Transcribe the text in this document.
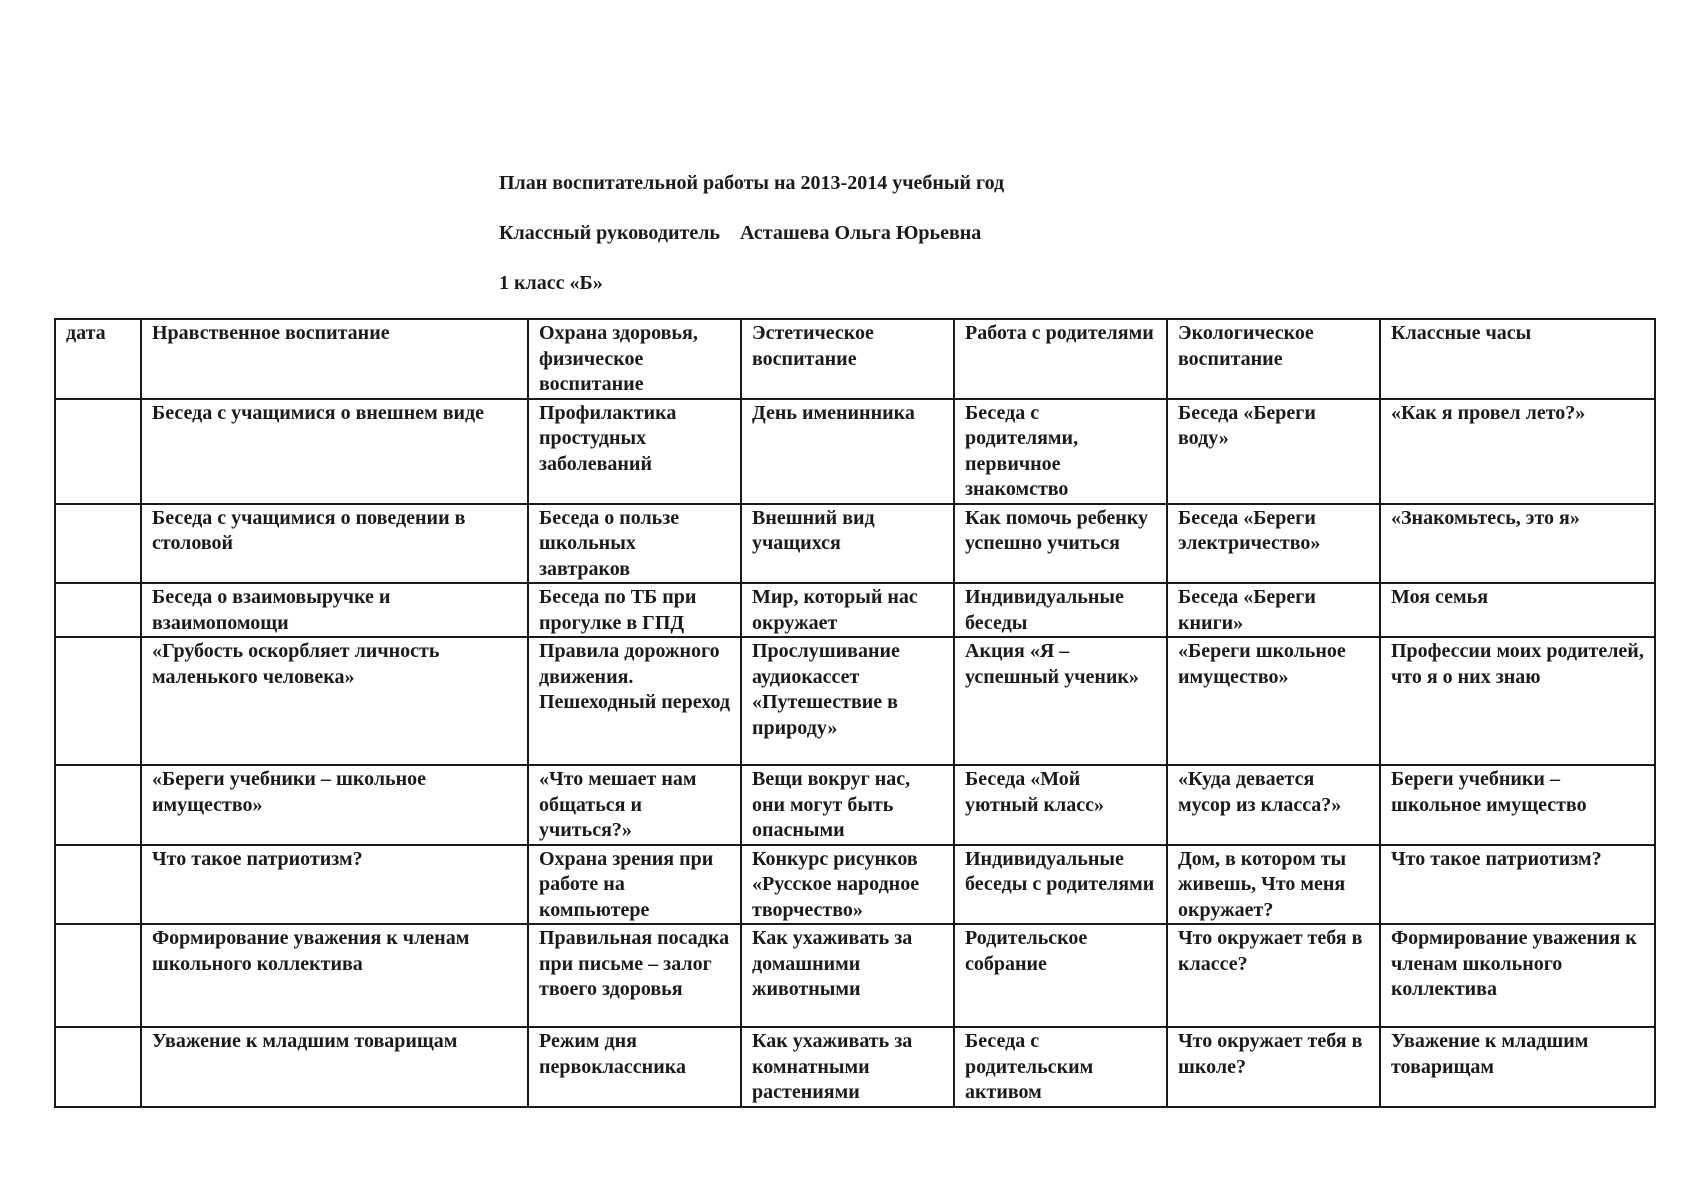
План воспитательной работы на 2013-2014 учебный год
Классный руководитель    Асташева Ольга Юрьевна
1 класс «Б»
дата	Нравственное воспитание	Охрана здоровья, физическое воспитание	Эстетическое воспитание	Работа с родителями	Экологическое воспитание	Классные часы
	Беседа с учащимися о внешнем виде	Профилактика простудных заболеваний	День именинника	Беседа с родителями, первичное знакомство	Беседа «Береги воду»	«Как я провел лето?»
	Беседа с учащимися о поведении в столовой	Беседа о пользе школьных завтраков	Внешний вид учащихся	Как помочь ребенку успешно учиться	Беседа «Береги электричество»	«Знакомьтесь, это я»
	Беседа о взаимовыручке и взаимопомощи	Беседа по ТБ при прогулке в ГПД	Мир, который нас окружает	Индивидуальные беседы	Беседа «Береги книги»	Моя семья
	«Грубость оскорбляет личность маленького человека»	Правила дорожного движения. Пешеходный переход	Прослушивание аудиокассет «Путешествие в природу»	Акция «Я – успешный ученик»	«Береги школьное имущество»	Профессии моих родителей, что я о них знаю
	«Береги учебники – школьное имущество»	«Что мешает нам общаться и учиться?»	Вещи вокруг нас, они могут быть опасными	Беседа «Мой уютный класс»	«Куда девается мусор из класса?»	Береги учебники – школьное имущество
	Что такое патриотизм?	Охрана зрения при работе на компьютере	Конкурс рисунков «Русское народное творчество»	Индивидуальные беседы с родителями	Дом, в котором ты живешь, Что меня окружает?	Что такое патриотизм?
	Формирование уважения к членам школьного коллектива	Правильная посадка при письме – залог твоего здоровья	Как ухаживать за домашними животными	Родительское собрание	Что окружает тебя в классе?	Формирование уважения к членам школьного коллектива
	Уважение к младшим товарищам	Режим дня первоклассника	Как ухаживать за комнатными растениями	Беседа с родительским активом	Что окружает тебя в школе?	Уважение к младшим товарищам
